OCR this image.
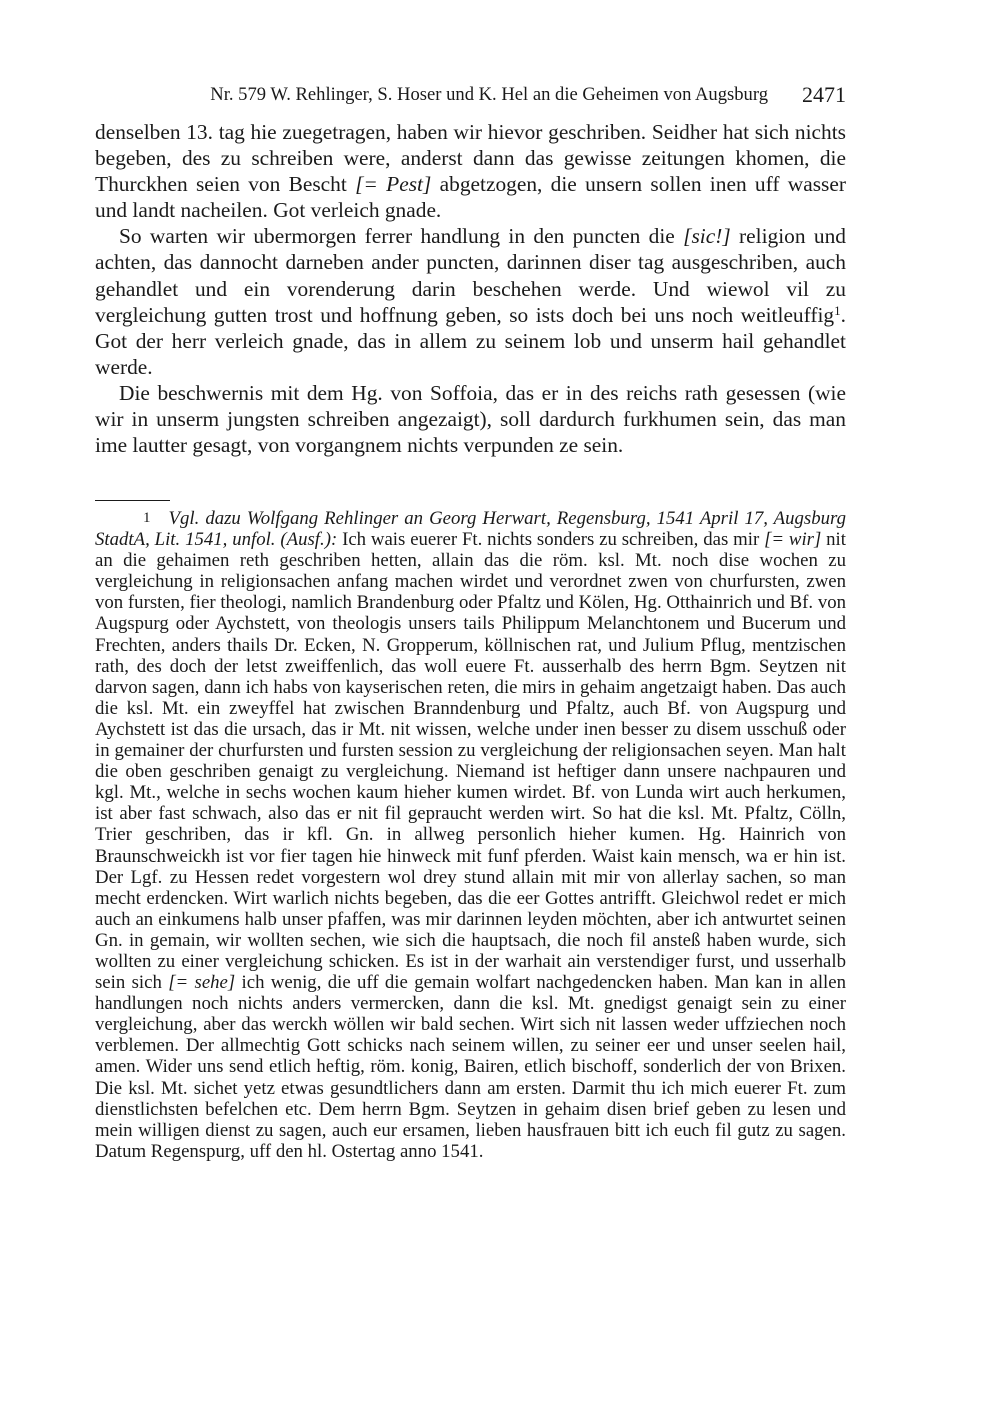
Nr. 579 W. Rehlinger, S. Hoser und K. Hel an die Geheimen von Augsburg 2471

denselben 13. tag hie zuegetragen, haben wir hievor geschriben. Seidher hat sich nichts begeben, des zu schreiben were, anderst dann das gewisse zeitungen khomen, die Thurckhen seien von Bescht [= Pest] abgetzogen, die unsern sollen inen uff wasser und landt nacheilen. Got verleich gnade.

So warten wir ubermorgen ferrer handlung in den puncten die [sic!] religion und achten, das dannocht darneben ander puncten, darinnen diser tag ausgeschriben, auch gehandlet und ein vorenderung darin beschehen werde. Und wiewol vil zu vergleichung gutten trost und hoffnung geben, so ists doch bei uns noch weitleuffig$^1$. Got der herr verleich gnade, das in allem zu seinem lob und unserm hail gehandlet werde.

Die beschwernis mit dem Hg. von Soffoia, das er in des reichs rath gesessen (wie wir in unserm jungsten schreiben angezaigt), soll dardurch furkhumen sein, das man ime lautter gesagt, von vorgangnem nichts verpunden ze sein.

1 Vgl. dazu Wolfgang Rehlinger an Georg Herwart, Regensburg, 1541 April 17, Augsburg StadtA, Lit. 1541, unfol. (Ausf.): Ich wais euerer Ft. nichts sonders zu schreiben, das mir [= wir] nit an die gehaimen reth geschriben hetten, allain das die röm. ksl. Mt. noch dise wochen zu vergleichung in religionsachen anfang machen wirdet und verordnet zwen von churfursten, zwen von fursten, fier theologi, namlich Brandenburg oder Pfaltz und Kölen, Hg. Otthainrich und Bf. von Augspurg oder Aychstett, von theologis unsers tails Philippum Melanchtonem und Bucerum und Frechten, anders thails Dr. Ecken, N. Gropperum, köllnischen rat, und Julium Pflug, mentzischen rath, des doch der letst zweiffenlich, das woll euere Ft. ausserhalb des herrn Bgm. Seytzen nit darvon sagen, dann ich habs von kayserischen reten, die mirs in gehaim angetzaigt haben. Das auch die ksl. Mt. ein zweyffel hat zwischen Branndenburg und Pfaltz, auch Bf. von Augspurg und Aychstett ist das die ursach, das ir Mt. nit wissen, welche under inen besser zu disem usschuß oder in gemainer der churfursten und fursten session zu vergleichung der religionsachen seyen. Man halt die oben geschriben genaigt zu vergleichung. Niemand ist heftiger dann unsere nachpauren und kgl. Mt., welche in sechs wochen kaum hieher kumen wirdet. Bf. von Lunda wirt auch herkumen, ist aber fast schwach, also das er nit fil gepraucht werden wirt. So hat die ksl. Mt. Pfaltz, Cölln, Trier geschriben, das ir kfl. Gn. in allweg personlich hieher kumen. Hg. Hainrich von Braunschweickh ist vor fier tagen hie hinweck mit funf pferden. Waist kain mensch, wa er hin ist. Der Lgf. zu Hessen redet vorgestern wol drey stund allain mit mir von allerlay sachen, so man mecht erdencken. Wirt warlich nichts begeben, das die eer Gottes antrifft. Gleichwol redet er mich auch an einkumens halb unser pfaffen, was mir darinnen leyden möchten, aber ich antwurtet seinen Gn. in gemain, wir wollten sechen, wie sich die hauptsach, die noch fil ansteß haben wurde, sich wollten zu einer vergleichung schicken. Es ist in der warhait ain verstendiger furst, und usserhalb sein sich [= sehe] ich wenig, die uff die gemain wolfart nachgedencken haben. Man kan in allen handlungen noch nichts anders vermercken, dann die ksl. Mt. gnedigst genaigt sein zu einer vergleichung, aber das werckh wöllen wir bald sechen. Wirt sich nit lassen weder uffziechen noch verblemen. Der allmechtig Gott schicks nach seinem willen, zu seiner eer und unser seelen hail, amen. Wider uns send etlich heftig, röm. konig, Bairen, etlich bischoff, sonderlich der von Brixen. Die ksl. Mt. sichet yetz etwas gesundtlichers dann am ersten. Darmit thu ich mich euerer Ft. zum dienstlichsten befelchen etc. Dem herrn Bgm. Seytzen in gehaim disen brief geben zu lesen und mein willigen dienst zu sagen, auch eur ersamen, lieben hausfrauen bitt ich euch fil gutz zu sagen. Datum Regenspurg, uff den hl. Ostertag anno 1541.
